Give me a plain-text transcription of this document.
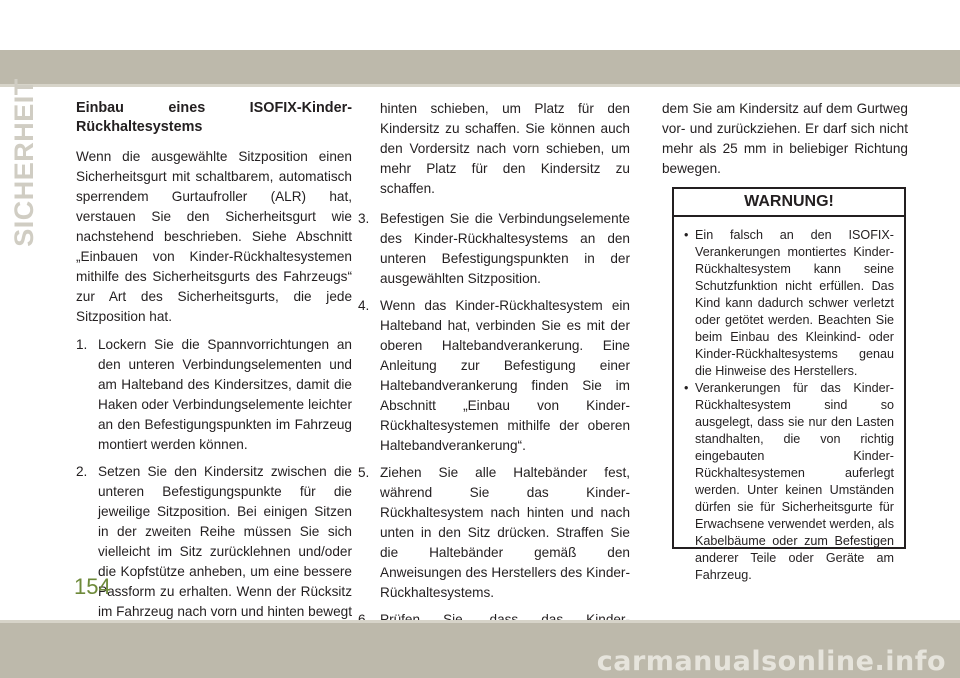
SICHERHEIT	Einbau eines ISOFIX-Kinder-Rückhaltesystems

Wenn die ausgewählte Sitzposition einen Sicherheitsgurt mit schaltbarem, automatisch sperrendem Gurtaufroller (ALR) hat, verstauen Sie den Sicherheitsgurt wie nachstehend beschrieben. Siehe Abschnitt „Einbauen von Kinder-Rückhaltesystemen mithilfe des Sicherheitsgurts des Fahrzeugs“ zur Art des Sicherheitsgurts, die jede Sitzposition hat.

1. Lockern Sie die Spannvorrichtungen an den unteren Verbindungselementen und am Halteband des Kindersitzes, damit die Haken oder Verbindungselemente leichter an den Befestigungspunkten im Fahrzeug montiert werden können.
2. Setzen Sie den Kindersitz zwischen die unteren Befestigungspunkte für die jeweilige Sitzposition. Bei einigen Sitzen in der zweiten Reihe müssen Sie sich vielleicht im Sitz zurücklehnen und/oder die Kopfstütze anheben, um eine bessere Passform zu erhalten. Wenn der Rücksitz im Fahrzeug nach vorn und hinten bewegt

hinten schieben, um Platz für den Kindersitz zu schaffen. Sie können auch den Vordersitz nach vorn schieben, um mehr Platz für den Kindersitz zu schaffen.

3. Befestigen Sie die Verbindungselemente des Kinder-Rückhaltesystems an den unteren Befestigungspunkten in der ausgewählten Sitzposition.
4. Wenn das Kinder-Rückhaltesystem ein Halteband hat, verbinden Sie es mit der oberen Haltebandverankerung. Eine Anleitung zur Befestigung einer Haltebandverankerung finden Sie im Abschnitt „Einbau von Kinder-Rückhaltesystemen mithilfe der oberen Haltebandverankerung“.
5. Ziehen Sie alle Haltebänder fest, während Sie das Kinder-Rückhaltesystem nach hinten und nach unten in den Sitz drücken. Straffen Sie die Haltebänder gemäß den Anweisungen des Herstellers des Kinder-Rückhaltesystems.

dem Sie am Kindersitz auf dem Gurtweg vor- und zurückziehen. Er darf sich nicht mehr als 25 mm in beliebiger Richtung bewegen.

WARNUNG!
• Ein falsch an den ISOFIX-Verankerungen montiertes Kinder-Rückhaltesystem kann seine Schutzfunktion nicht erfüllen. Das Kind kann dadurch schwer verletzt oder getötet werden. Beachten Sie beim Einbau des Kleinkind- oder Kinder-Rückhaltesystems genau die Hinweise des Herstellers.
• Verankerungen für das Kinder-Rückhaltesystem sind so ausgelegt, dass sie nur den Lasten standhalten, die von richtig eingebauten Kinder-Rückhaltesystemen auferlegt werden. Unter keinen Umständen dürfen sie für Sicherheitsgurte für Erwachsene verwendet werden, als Kabelbäume oder zum Befestigen anderer Teile oder Geräte am Fahrzeug.
154
carmanualsonline.info
